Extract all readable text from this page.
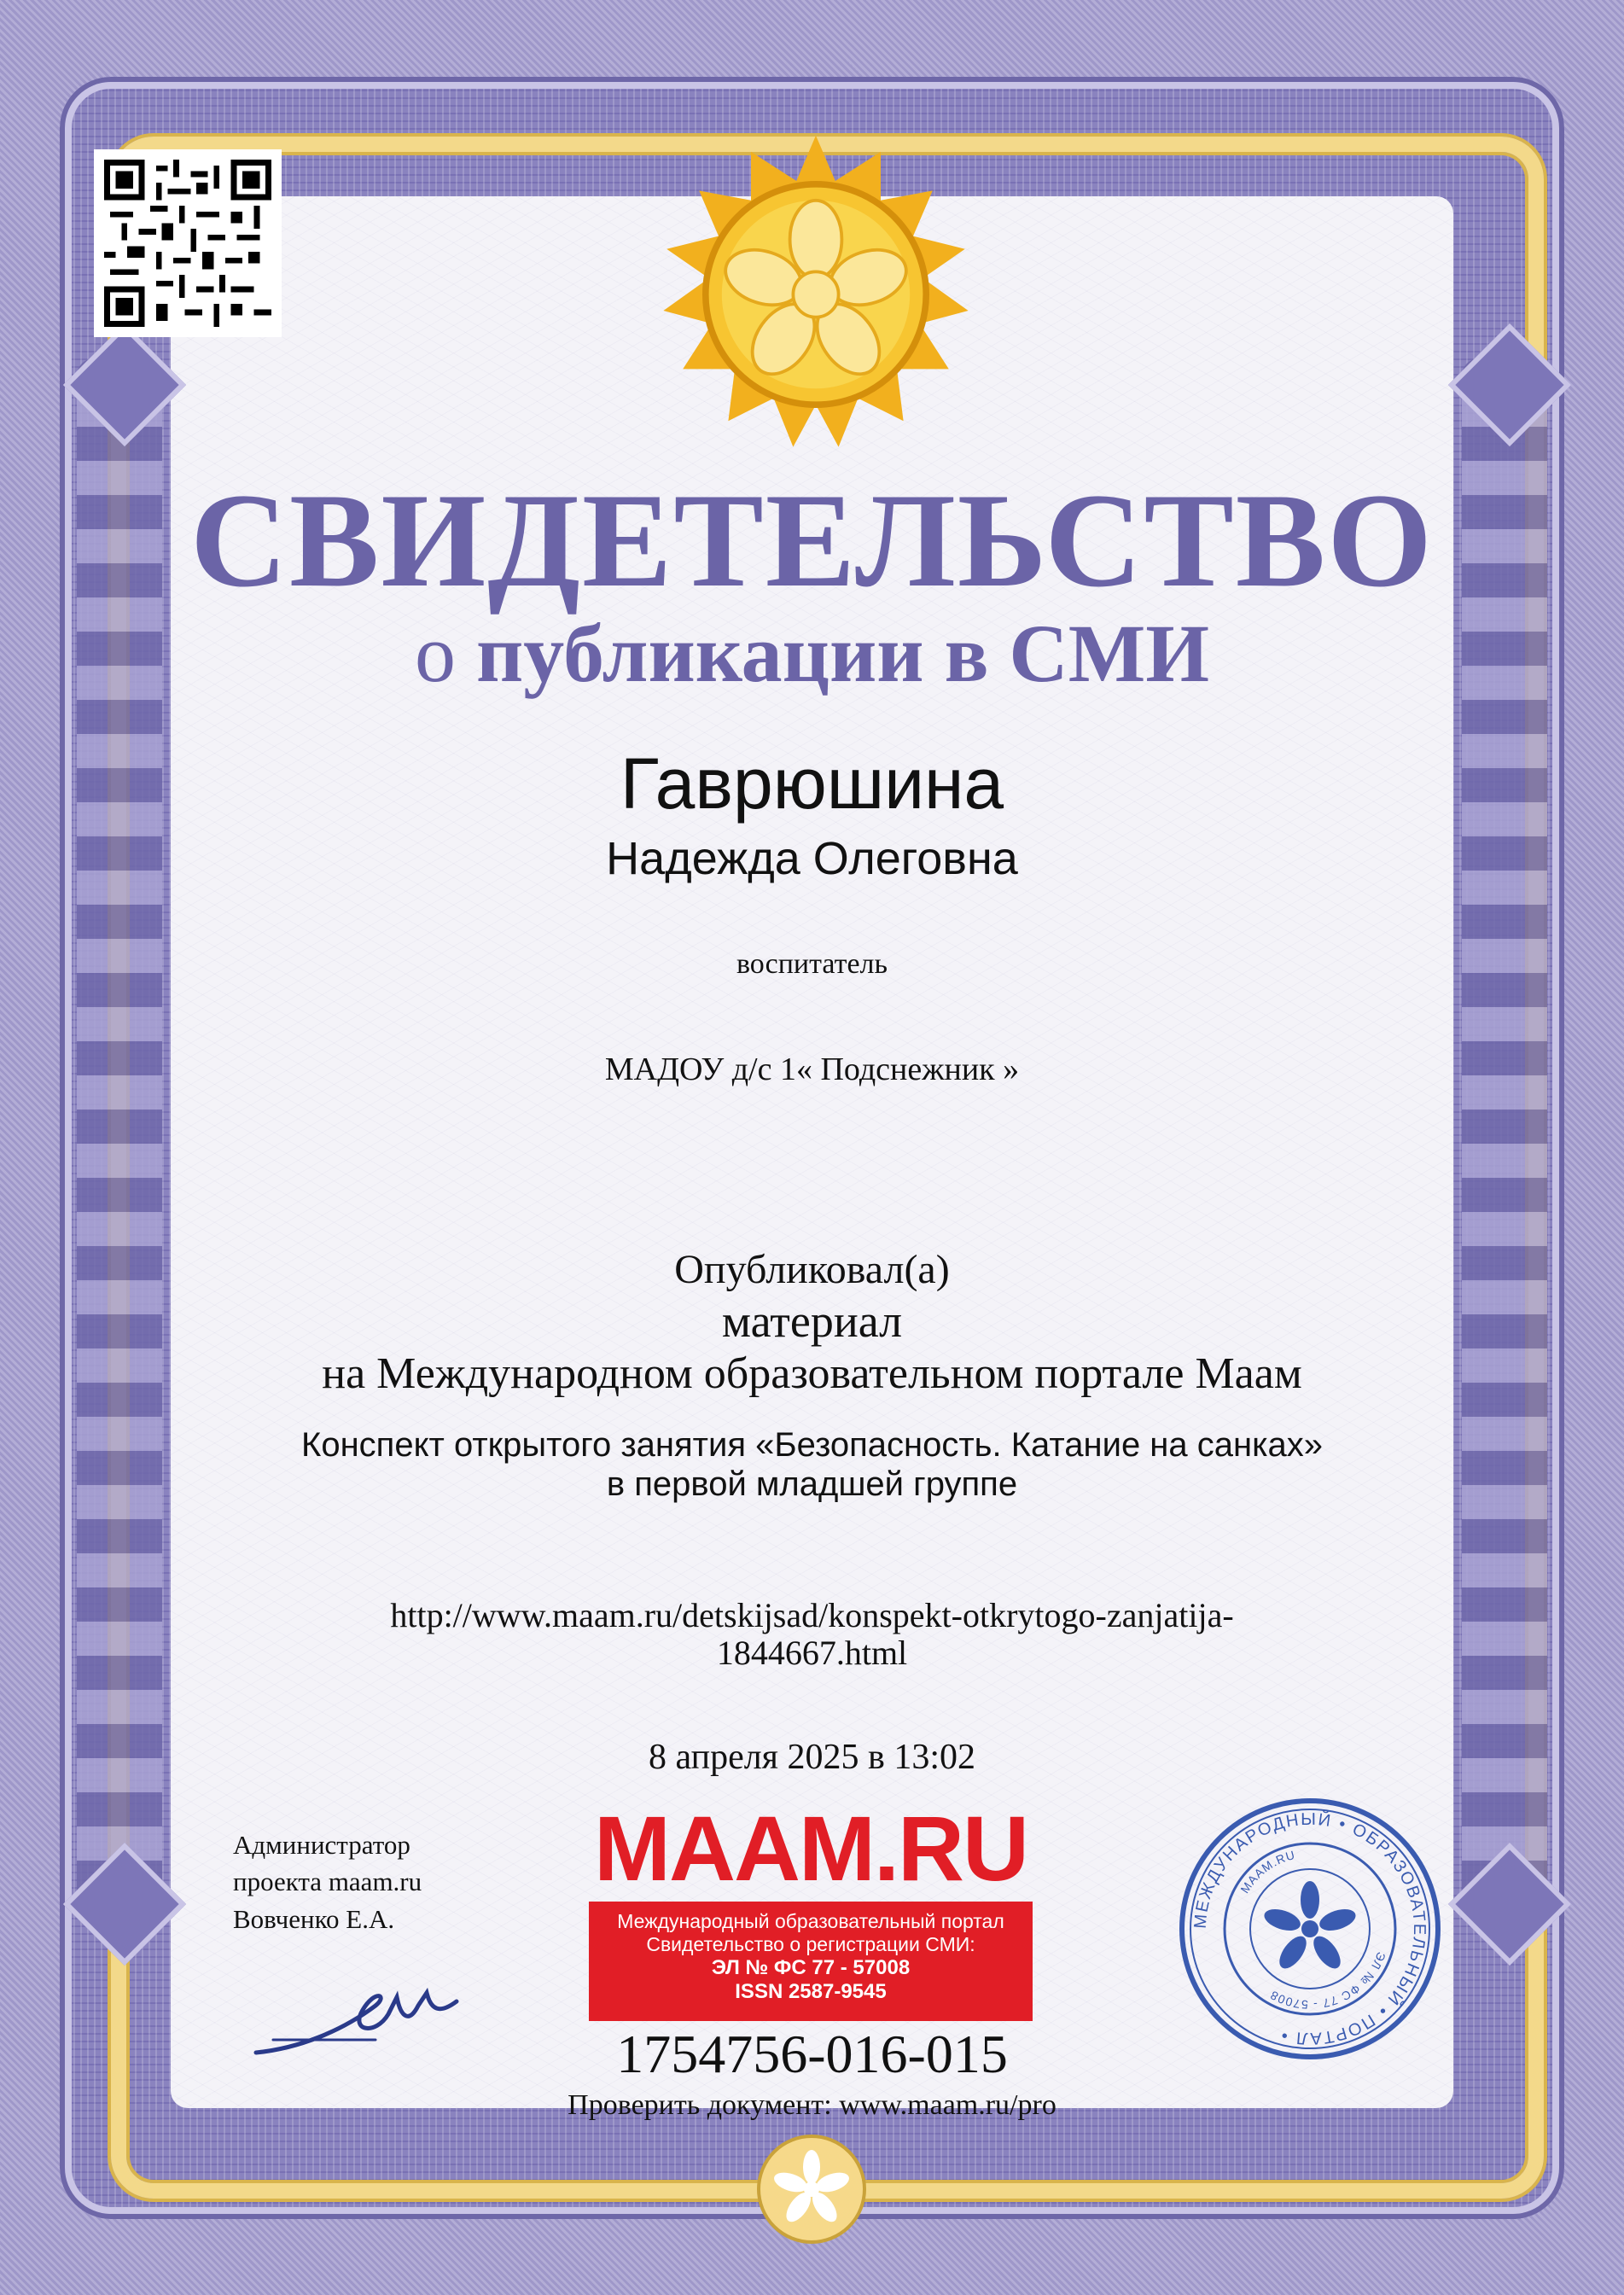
СВИДЕТЕЛЬСТВО
о публикации в СМИ
Гаврюшина
Надежда Олеговна
воспитатель
МАДОУ д/с 1« Подснежник »
Опубликовал(а)
материал
на Международном образовательном портале Маам
Конспект открытого занятия «Безопасность. Катание на санках»
в первой младшей группе
http://www.maam.ru/detskijsad/konspekt-otkrytogo-zanjatija-
1844667.html
8 апреля 2025 в 13:02
Администратор
проекта maam.ru
Вовченко Е.А.
MAAM.RU
Международный образовательный портал
Свидетельство о регистрации СМИ:
ЭЛ № ФС 77 - 57008
ISSN 2587-9545
МЕЖДУНАРОДНЫЙ • ОБРАЗОВАТЕЛЬНЫЙ • ПОРТАЛ •
MAAM.RU
ЭЛ № ФС 77 - 57008
1754756-016-015
Проверить документ: www.maam.ru/pro
